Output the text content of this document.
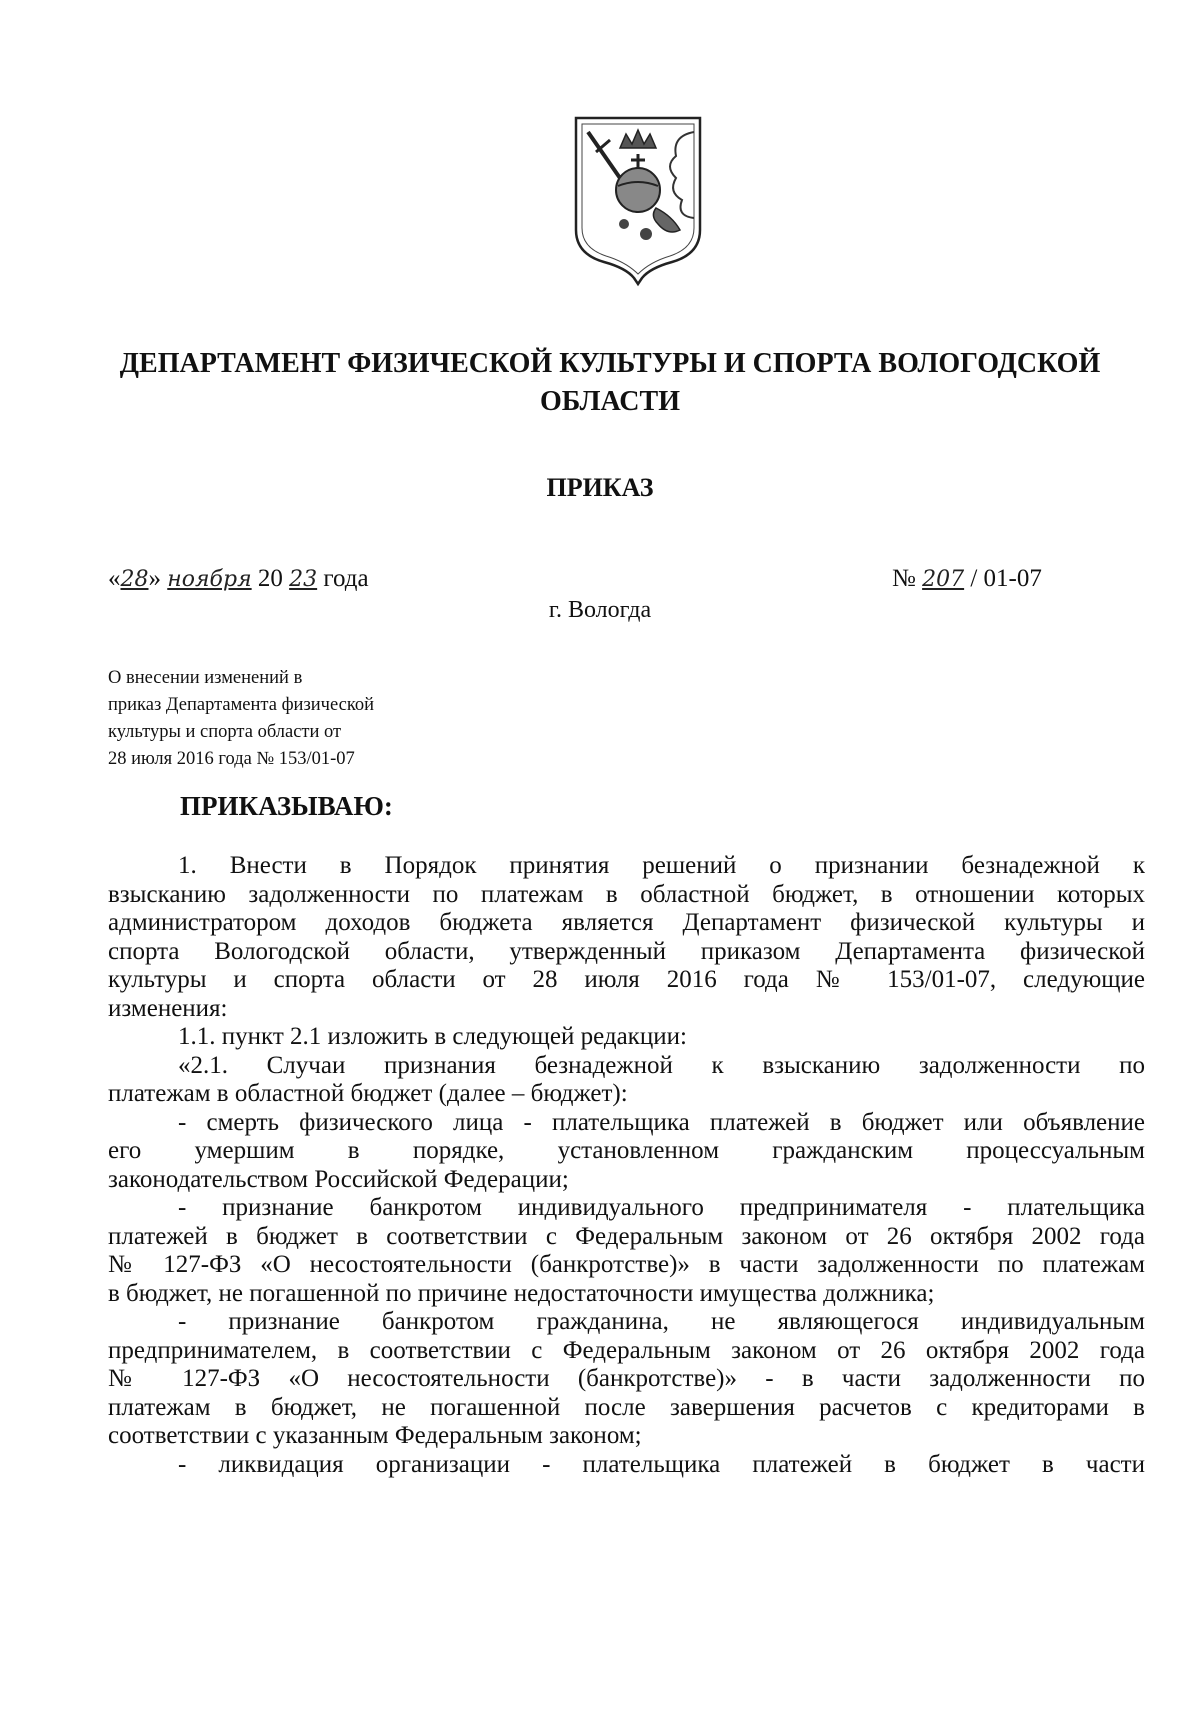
ДЕПАРТАМЕНТ ФИЗИЧЕСКОЙ КУЛЬТУРЫ И СПОРТА ВОЛОГОДСКОЙ
ОБЛАСТИ
ПРИКАЗ
«28» ноября 20 23 года	№ 207 / 01-07
г. Вологда
О внесении изменений в
приказ Департамента физической
культуры и спорта области от
28 июля 2016 года № 153/01-07
ПРИКАЗЫВАЮ:
1. Внести в Порядок принятия решений о признании безнадежной к
взысканию задолженности по платежам в областной бюджет, в отношении которых
администратором доходов бюджета является Департамент физической культуры и
спорта Вологодской области, утвержденный приказом Департамента физической
культуры и спорта области от 28 июля 2016 года № 153/01-07, следующие
изменения:
1.1. пункт 2.1 изложить в следующей редакции:
«2.1. Случаи признания безнадежной к взысканию задолженности по
платежам в областной бюджет (далее – бюджет):
- смерть физического лица - плательщика платежей в бюджет или объявление
его умершим в порядке, установленном гражданским процессуальным
законодательством Российской Федерации;
- признание банкротом индивидуального предпринимателя - плательщика
платежей в бюджет в соответствии с Федеральным законом от 26 октября 2002 года
№ 127-ФЗ «О несостоятельности (банкротстве)» в части задолженности по платежам
в бюджет, не погашенной по причине недостаточности имущества должника;
- признание банкротом гражданина, не являющегося индивидуальным
предпринимателем, в соответствии с Федеральным законом от 26 октября 2002 года
№ 127-ФЗ «О несостоятельности (банкротстве)» - в части задолженности по
платежам в бюджет, не погашенной после завершения расчетов с кредиторами в
соответствии с указанным Федеральным законом;
- ликвидация организации - плательщика платежей в бюджет в части
